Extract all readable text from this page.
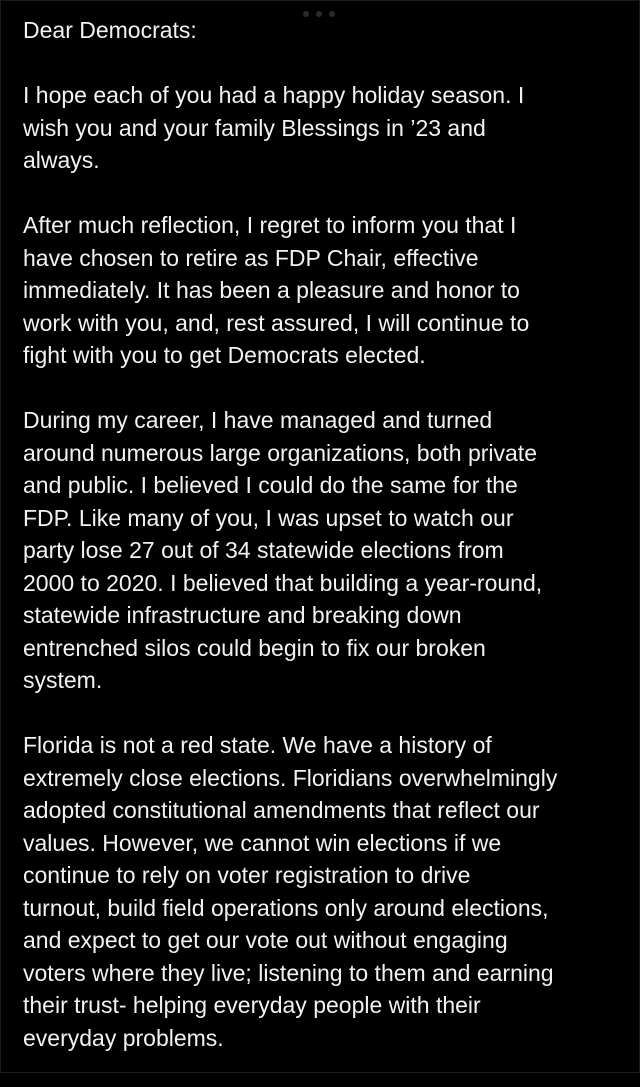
Dear Democrats:

I hope each of you had a happy holiday season. I
wish you and your family Blessings in ’23 and
always.

After much reflection, I regret to inform you that I
have chosen to retire as FDP Chair, effective
immediately. It has been a pleasure and honor to
work with you, and, rest assured, I will continue to
fight with you to get Democrats elected.

During my career, I have managed and turned
around numerous large organizations, both private
and public. I believed I could do the same for the
FDP. Like many of you, I was upset to watch our
party lose 27 out of 34 statewide elections from
2000 to 2020. I believed that building a year-round,
statewide infrastructure and breaking down
entrenched silos could begin to fix our broken
system.

Florida is not a red state. We have a history of
extremely close elections. Floridians overwhelmingly
adopted constitutional amendments that reflect our
values. However, we cannot win elections if we
continue to rely on voter registration to drive
turnout, build field operations only around elections,
and expect to get our vote out without engaging
voters where they live; listening to them and earning
their trust- helping everyday people with their
everyday problems.
